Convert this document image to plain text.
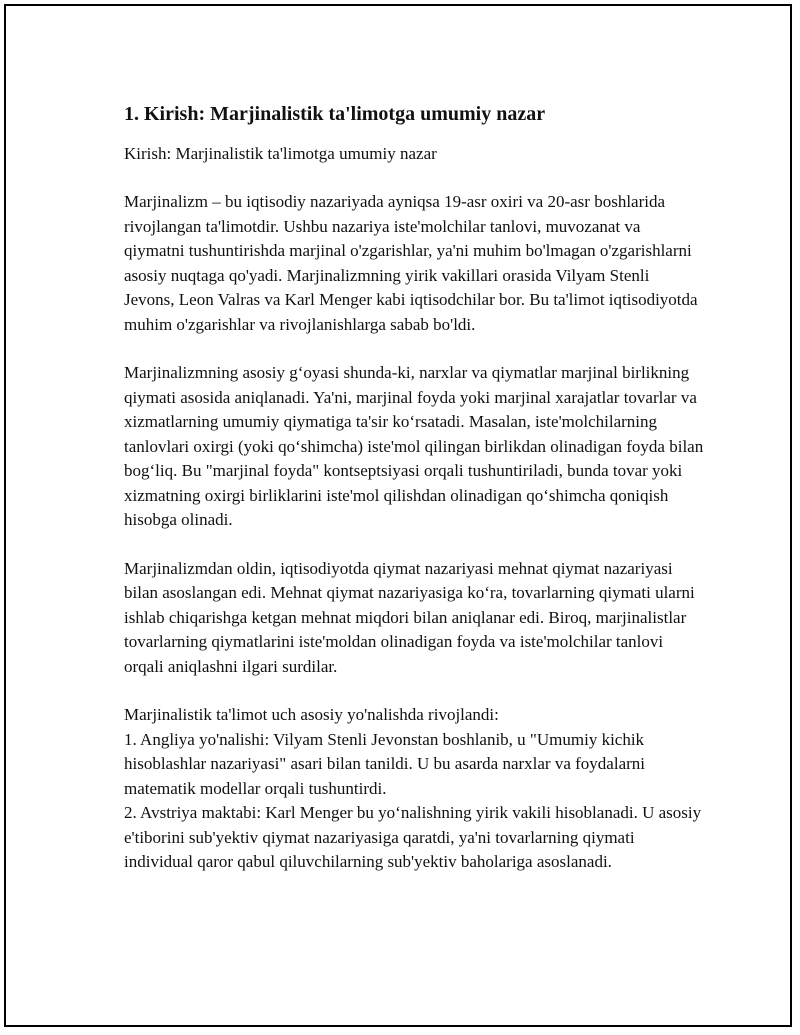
1. Kirish: Marjinalistik ta'limotga umumiy nazar
Kirish: Marjinalistik ta'limotga umumiy nazar

Marjinalizm – bu iqtisodiy nazariyada ayniqsa 19-asr oxiri va 20-asr boshlarida rivojlangan ta'limotdir. Ushbu nazariya iste'molchilar tanlovi, muvozanat va qiymatni tushuntirishda marjinal o'zgarishlar, ya'ni muhim bo'lmagan o'zgarishlarni asosiy nuqtaga qo'yadi. Marjinalizmning yirik vakillari orasida Vilyam Stenli Jevons, Leon Valras va Karl Menger kabi iqtisodchilar bor. Bu ta'limot iqtisodiyotda muhim o'zgarishlar va rivojlanishlarga sabab bo'ldi.

Marjinalizmning asosiy g‘oyasi shunda-ki, narxlar va qiymatlar marjinal birlikning qiymati asosida aniqlanadi. Ya'ni, marjinal foyda yoki marjinal xarajatlar tovarlar va xizmatlarning umumiy qiymatiga ta'sir ko‘rsatadi. Masalan, iste'molchilarning tanlovlari oxirgi (yoki qo‘shimcha) iste'mol qilingan birlikdan olinadigan foyda bilan bog‘liq. Bu "marjinal foyda" kontseptsiyasi orqali tushuntiriladi, bunda tovar yoki xizmatning oxirgi birliklarini iste'mol qilishdan olinadigan qo‘shimcha qoniqish hisobga olinadi.

Marjinalizmdan oldin, iqtisodiyotda qiymat nazariyasi mehnat qiymat nazariyasi bilan asoslangan edi. Mehnat qiymat nazariyasiga ko‘ra, tovarlarning qiymati ularni ishlab chiqarishga ketgan mehnat miqdori bilan aniqlanar edi. Biroq, marjinalistlar tovarlarning qiymatlarini iste'moldan olinadigan foyda va iste'molchilar tanlovi orqali aniqlashni ilgari surdilar.

Marjinalistik ta'limot uch asosiy yo'nalishda rivojlandi:
1. Angliya yo'nalishi: Vilyam Stenli Jevonstan boshlanib, u "Umumiy kichik hisoblashlar nazariyasi" asari bilan tanildi. U bu asarda narxlar va foydalarni matematik modellar orqali tushuntirdi.
2. Avstriya maktabi: Karl Menger bu yo‘nalishning yirik vakili hisoblanadi. U asosiy e'tiborini sub'yektiv qiymat nazariyasiga qaratdi, ya'ni tovarlarning qiymati individual qaror qabul qiluvchilarning sub'yektiv baholariga asoslanadi.
